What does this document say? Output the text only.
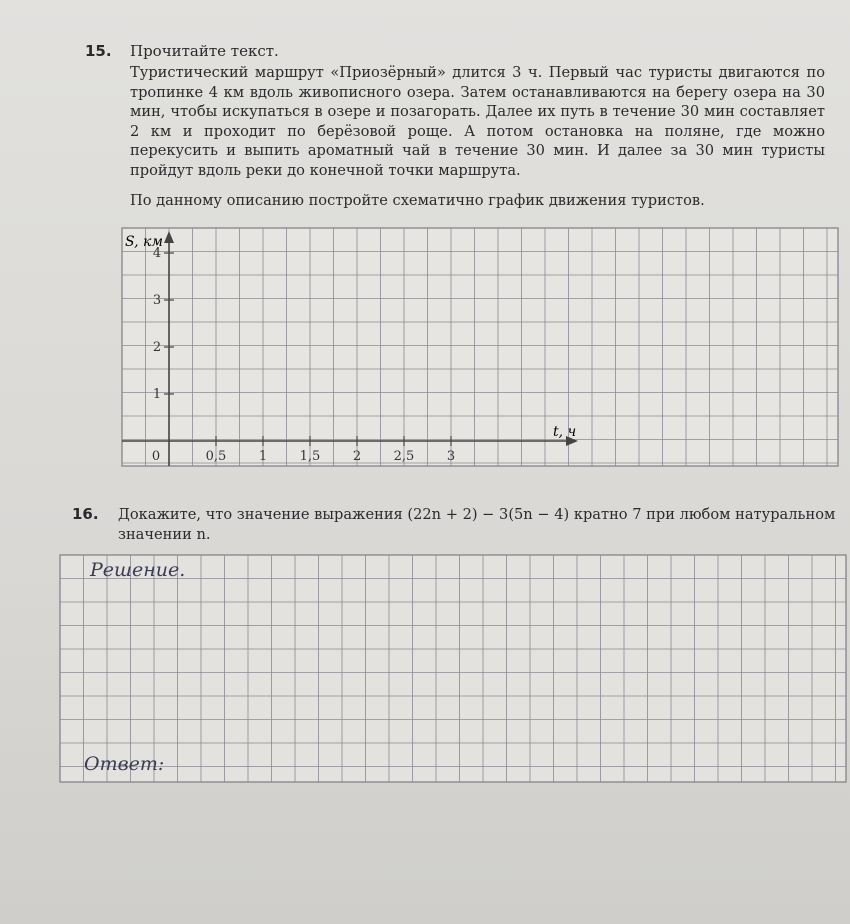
15. Прочитайте текст.
Туристический маршрут «Приозёрный» длится 3 ч. Первый час туристы двигаются по тропинке 4 км вдоль живописного озера. Затем останавливаются на берегу озера на 30 мин, чтобы искупаться в озере и позагорать. Далее их путь в течение 30 мин составляет 2 км и проходит по берёзовой роще. А потом остановка на поляне, где можно перекусить и выпить ароматный чай в течение 30 мин. И далее за 30 мин туристы пройдут вдоль реки до конечной точки маршрута.
По данному описанию постройте схематично график движения туристов.
0	0,5	1	1,5	2	2,5	3
1
2
3
4
S, км
t, ч
Решение.
Ответ:
16. Докажите, что значение выражения (22n + 2) − 3(5n − 4) кратно 7 при любом натуральном значении n.
